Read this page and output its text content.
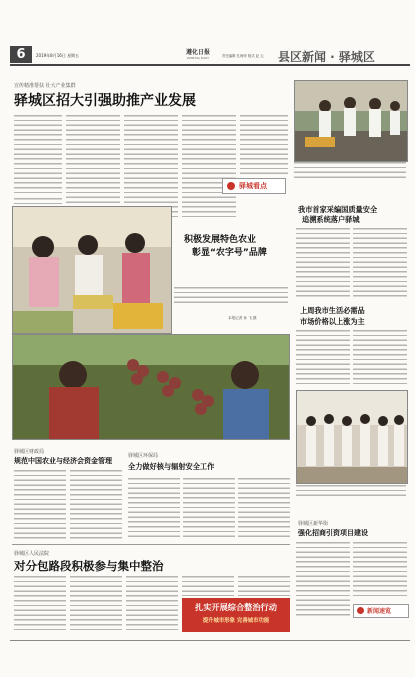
6	2019年8月16日 星期五	遵化日报
ZUNHUA DAILY	责任编辑 孔海荣 版式 赵 云 县区新闻 · 驿城区
宣传精准帮扶 壮大产业集群
驿城区招大引强助推产业发展
驿城看点
积极发展特色农业
彰显“农字号”品牌
本报记者 孙 飞 摄
我市首家采编国质量安全
追溯系统落户驿城
上周我市生活必需品
市场价格以上涨为主
驿城区新华街
强化招商引资项目建设
新闻速览
驿城区财政局
规范中国农业与经济会资金管理
驿城区环保局
全力做好核与辐射安全工作
驿城区人民法院
对分包路段积极参与集中整治
扎实开展综合整治行动
提升城市形象 完善城市功能
